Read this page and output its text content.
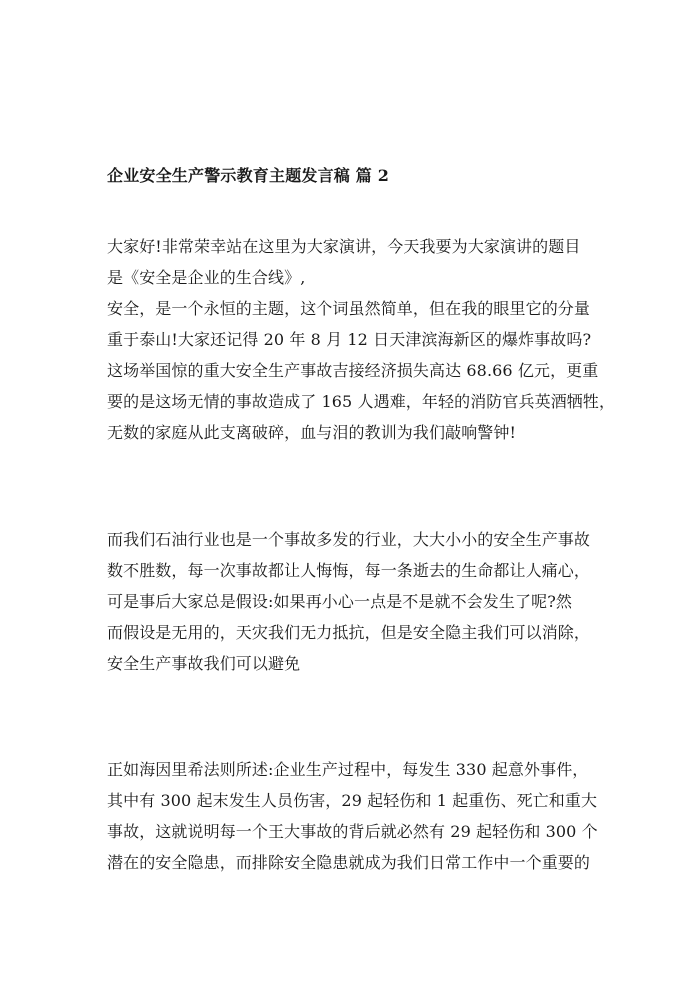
企业安全生产警示教育主题发言稿 篇 2
大家好!非常荣幸站在这里为大家演讲，今天我要为大家演讲的题目
是《安全是企业的生合线》,
安全，是一个永恒的主题，这个词虽然简单，但在我的眼里它的分量
重于泰山!大家还记得 20 年 8 月 12 日天津滨海新区的爆炸事故吗?
这场举国惊的重大安全生产事故吉接经济损失高达 68.66 亿元，更重
要的是这场无情的事故造成了 165 人遇难，年轻的消防官兵英酒牺牲，
无数的家庭从此支离破碎，血与泪的教训为我们敲响警钟!
而我们石油行业也是一个事故多发的行业，大大小小的安全生产事故
数不胜数，每一次事故都让人悔悔，每一条逝去的生命都让人痛心，
可是事后大家总是假设:如果再小心一点是不是就不会发生了呢?然
而假设是无用的，天灾我们无力抵抗，但是安全隐主我们可以消除，
安全生产事故我们可以避免
正如海因里希法则所述:企业生产过程中，每发生 330 起意外事件，
其中有 300 起末发生人员伤害，29 起轻伤和 1 起重伤、死亡和重大
事故，这就说明每一个王大事故的背后就必然有 29 起轻伤和 300 个
潜在的安全隐患，而排除安全隐患就成为我们日常工作中一个重要的
